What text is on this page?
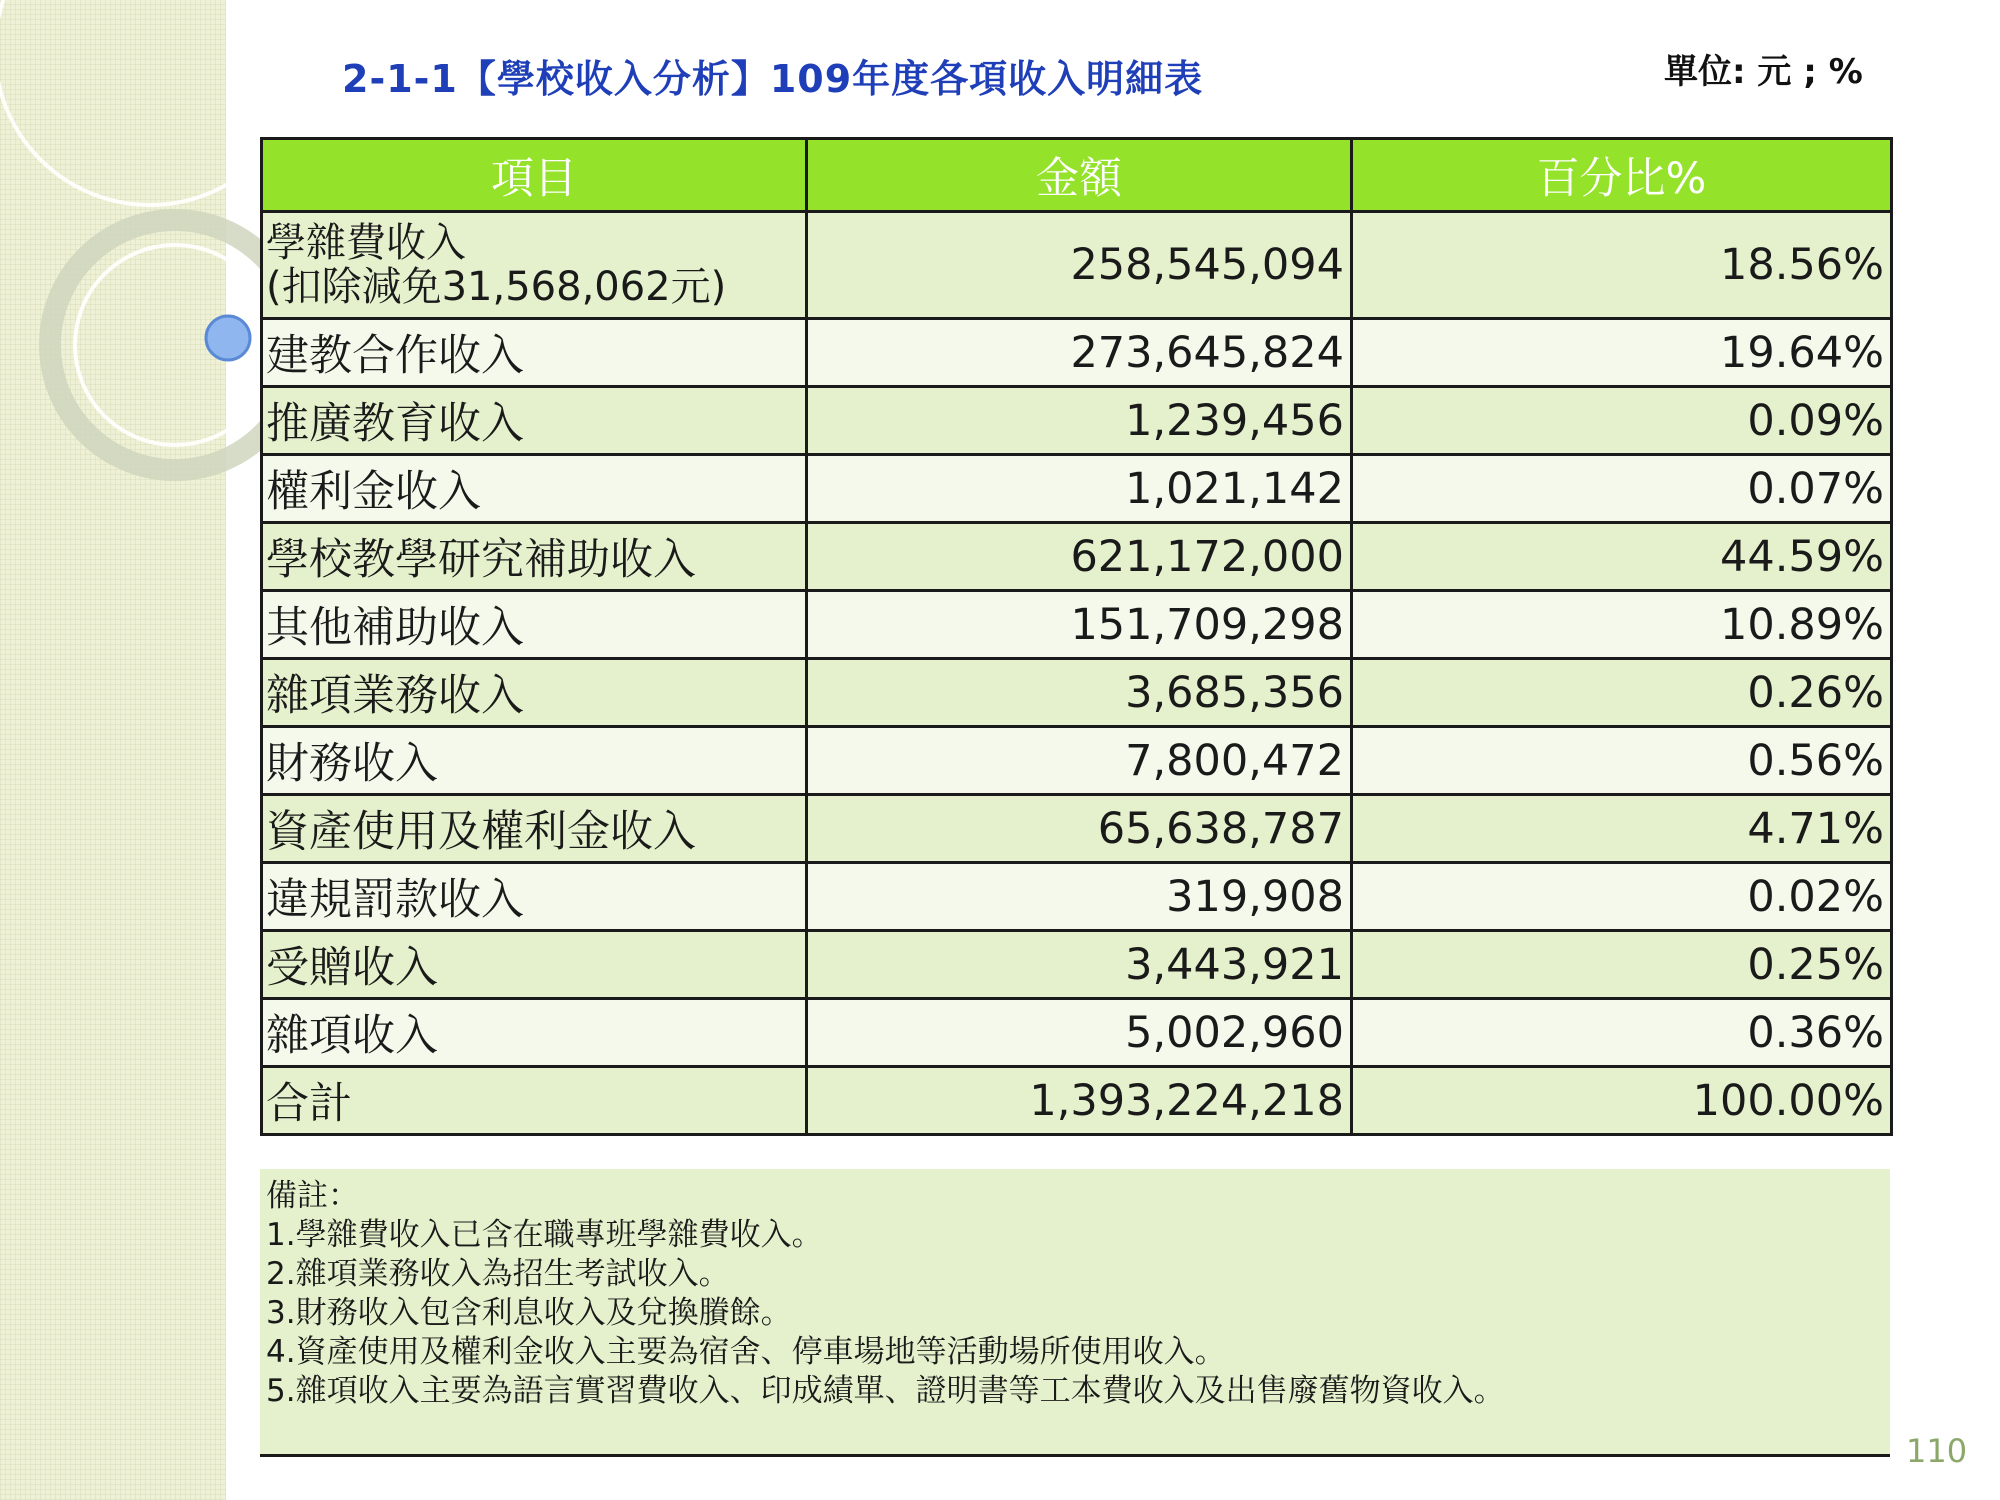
2-1-1【學校收入分析】109年度各項收入明細表	單位: 元 ; %
項目	金額	百分比%

學雜費收入
(扣除減免31,568,062元)	258,545,094	18.56%
建教合作收入	273,645,824	19.64%
推廣教育收入	1,239,456	0.09%
權利金收入	1,021,142	0.07%
學校教學研究補助收入	621,172,000	44.59%
其他補助收入	151,709,298	10.89%
雜項業務收入	3,685,356	0.26%
財務收入	7,800,472	0.56%
資產使用及權利金收入	65,638,787	4.71%
違規罰款收入	319,908	0.02%
受贈收入	3,443,921	0.25%
雜項收入	5,002,960	0.36%
合計	1,393,224,218	100.00%
備註：
1.學雜費收入已含在職專班學雜費收入。
2.雜項業務收入為招生考試收入。
3.財務收入包含利息收入及兌換賸餘。
4.資產使用及權利金收入主要為宿舍、停車場地等活動場所使用收入。
5.雜項收入主要為語言實習費收入、印成績單、證明書等工本費收入及出售廢舊物資收入。
110
